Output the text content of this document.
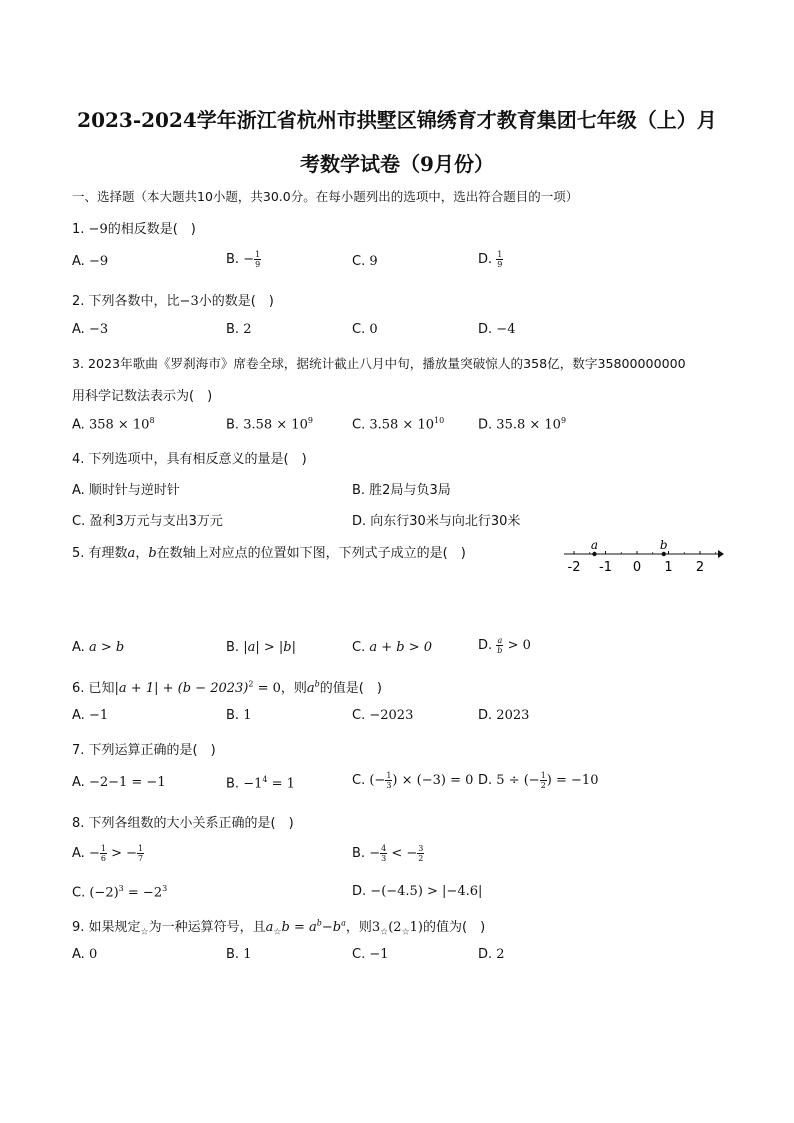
2023-2024学年浙江省杭州市拱墅区锦绣育才教育集团七年级（上）月
考数学试卷（9月份）
一、选择题（本大题共10小题，共30.0分。在每小题列出的选项中，选出符合题目的一项）
1. −9的相反数是(　)
A. −9	B. − $\frac{1}{9}$	C. 9	D. $\frac{1}{9}$
2. 下列各数中，比−3小的数是(　)
A. −3	B. 2	C. 0	D. −4
3. 2023年歌曲《罗刹海市》席卷全球，据统计截止八月中旬，播放量突破惊人的358亿，数字35800000000
用科学记数法表示为(　)
A. $358 \times 10^8$	B. $3.58 \times 10^9$	C. $3.58 \times 10^{10}$	D. $35.8 \times 10^9$
4. 下列选项中，具有相反意义的量是(　)
A. 顺时针与逆时针	B. 胜2局与负3局
C. 盈利3万元与支出3万元	D. 向东行30米与向北行30米
5. 有理数a，b在数轴上对应点的位置如下图，下列式子成立的是(　)
-2 -1 0 1 2
a	b
A. a > b	B. |a| > |b|	C. a + b > 0	D. $\frac{a}{b} > 0$
6. 已知$|a + 1| + (b - 2023)^2 = 0$，则$a^b$的值是(　)
A. −1	B. 1	C. −2023	D. 2023
7. 下列运算正确的是(　)
A. −2−1 = −1	B. $-1^4 = 1$	C. (− $\frac{1}{3}$ ) × (−3) = 0 D. 5 ÷ (− $\frac{1}{2}$ ) = −10
8. 下列各组数的大小关系正确的是(　)
A. − $\frac{1}{6}$ > − $\frac{1}{7}$	B. − $\frac{4}{3}$ < − $\frac{3}{2}$
C. $(-2)^3 = -2^3$	D. −(−4.5) > |−4.6|
9. 如果规定$_☆$为一种运算符号，且$a_☆b = a^b-b^a$，则$3_☆(2_☆1)$的值为(　)
A. 0	B. 1	C. −1	D. 2
